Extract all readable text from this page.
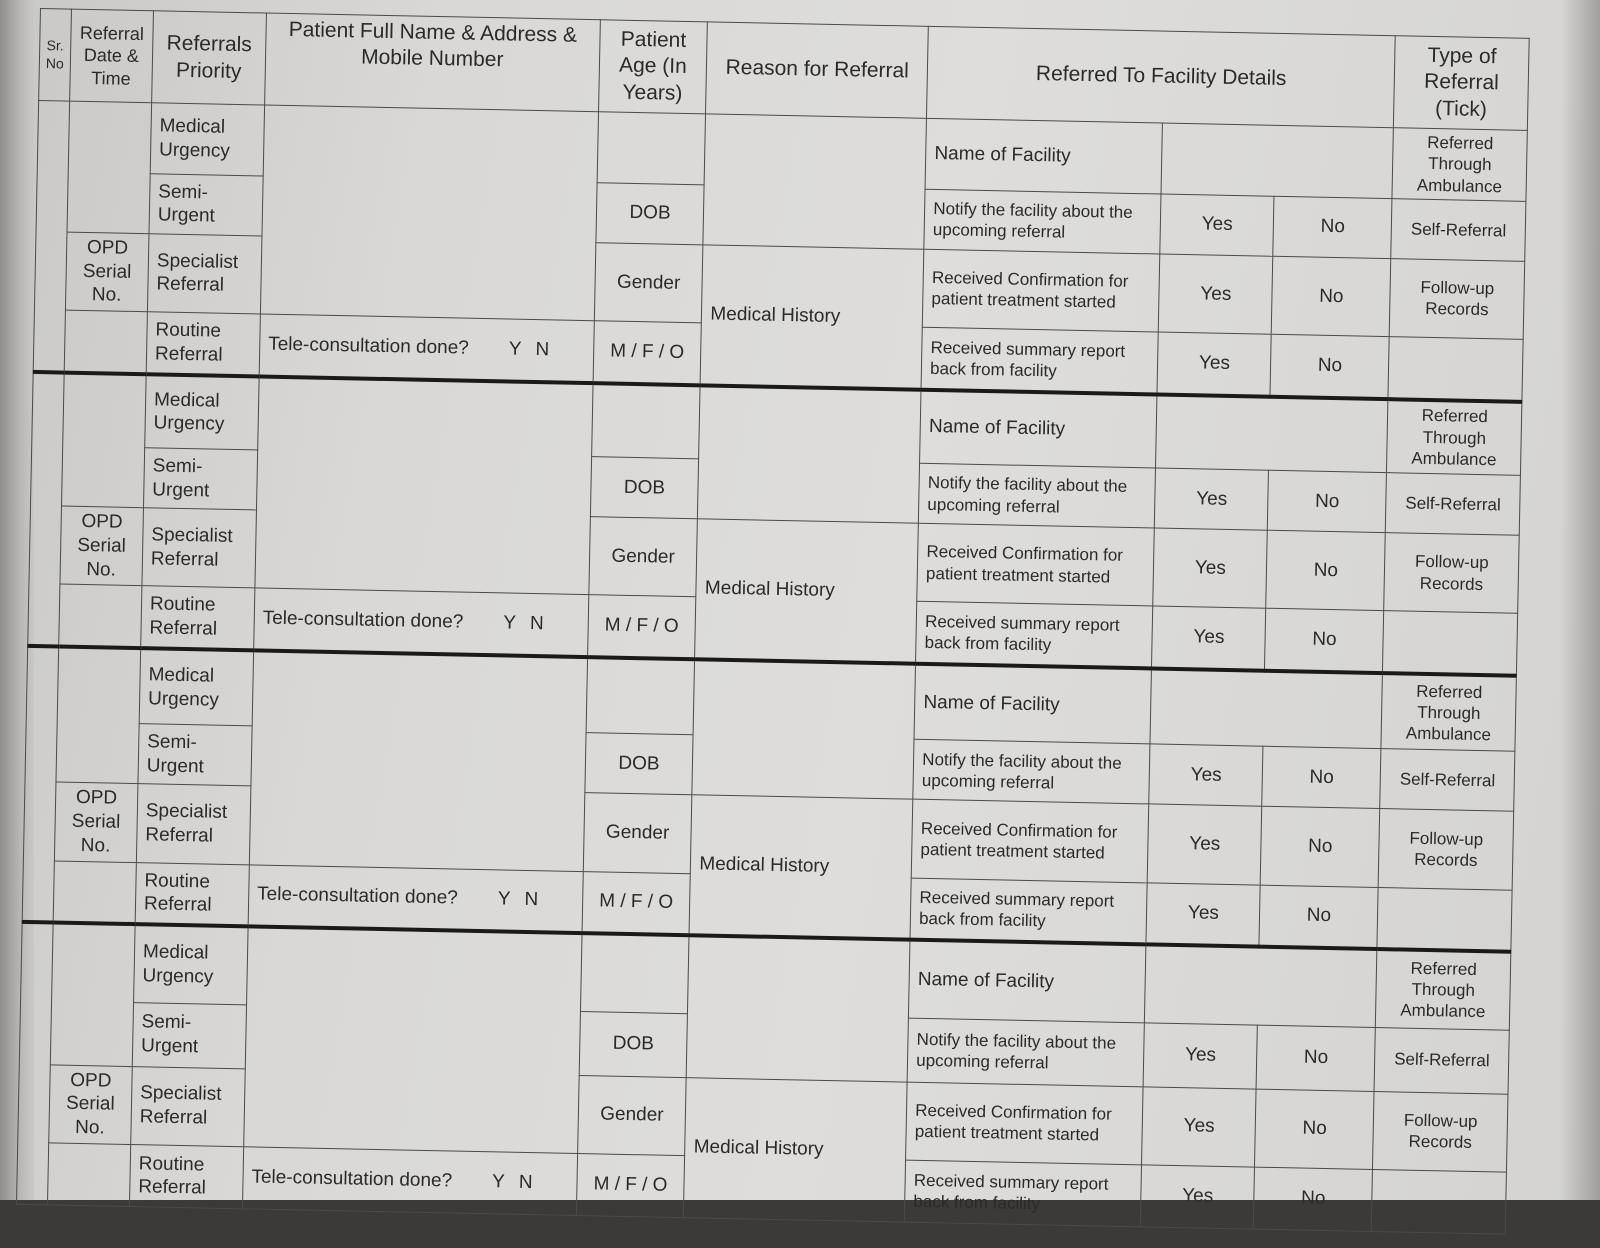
Sr. No	Referral Date & Time	Referrals Priority	Patient Full Name & Address & Mobile Number	Patient Age (In Years)	Reason for Referral	Referred To Facility Details			Type of Referral (Tick)
		Medical Urgency				Name of Facility			Referred Through Ambulance
		Semi-Urgent		DOB		Notify the facility about the upcoming referral	Yes	No	Self-Referral
	OPD Serial No.	Specialist Referral		Gender	Medical History	Received Confirmation for patient treatment started	Yes	No	Follow-up Records
		Routine Referral	Tele-consultation done? Y N	M / F / O		Received summary report back from facility	Yes	No	
		Medical Urgency				Name of Facility			Referred Through Ambulance
		Semi-Urgent		DOB		Notify the facility about the upcoming referral	Yes	No	Self-Referral
	OPD Serial No.	Specialist Referral		Gender	Medical History	Received Confirmation for patient treatment started	Yes	No	Follow-up Records
		Routine Referral	Tele-consultation done? Y N	M / F / O		Received summary report back from facility	Yes	No	
		Medical Urgency				Name of Facility			Referred Through Ambulance
		Semi-Urgent		DOB		Notify the facility about the upcoming referral	Yes	No	Self-Referral
	OPD Serial No.	Specialist Referral		Gender	Medical History	Received Confirmation for patient treatment started	Yes	No	Follow-up Records
		Routine Referral	Tele-consultation done? Y N	M / F / O		Received summary report back from facility	Yes	No	
		Medical Urgency				Name of Facility			Referred Through Ambulance
		Semi-Urgent		DOB		Notify the facility about the upcoming referral	Yes	No	Self-Referral
	OPD Serial No.	Specialist Referral		Gender	Medical History	Received Confirmation for patient treatment started	Yes	No	Follow-up Records
		Routine Referral	Tele-consultation done? Y N	M / F / O		Received summary report back from facility	Yes	No	
